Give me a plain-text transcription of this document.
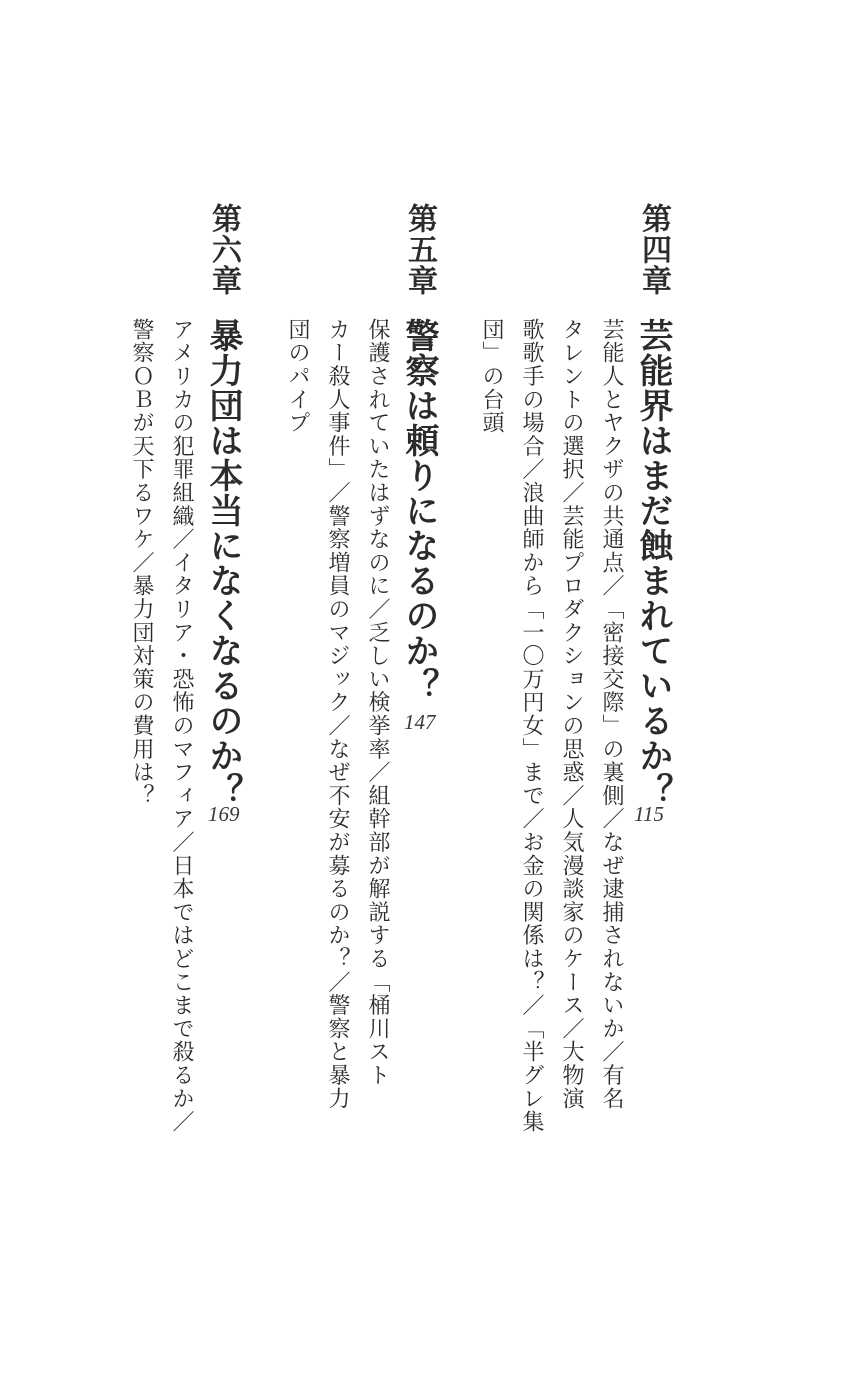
第四章
芸能界はまだ蝕まれているか？
115
芸能人とヤクザの共通点／「密接交際」の裏側／なぜ逮捕されないか／有名
タレントの選択／芸能プロダクションの思惑／人気漫談家のケース／大物演
歌歌手の場合／浪曲師から「一〇万円女」まで／お金の関係は？／「半グレ集
団」の台頭
第五章
警察は頼りになるのか？
147
保護されていたはずなのに／乏しい検挙率／組幹部が解説する「桶川スト
カー殺人事件」／警察増員のマジック／なぜ不安が募るのか？／警察と暴力
団のパイプ
第六章
暴力団は本当になくなるのか？
169
アメリカの犯罪組織／イタリア・恐怖のマフィア／日本ではどこまで殺るか／
警察ＯＢが天下るワケ／暴力団対策の費用は？
